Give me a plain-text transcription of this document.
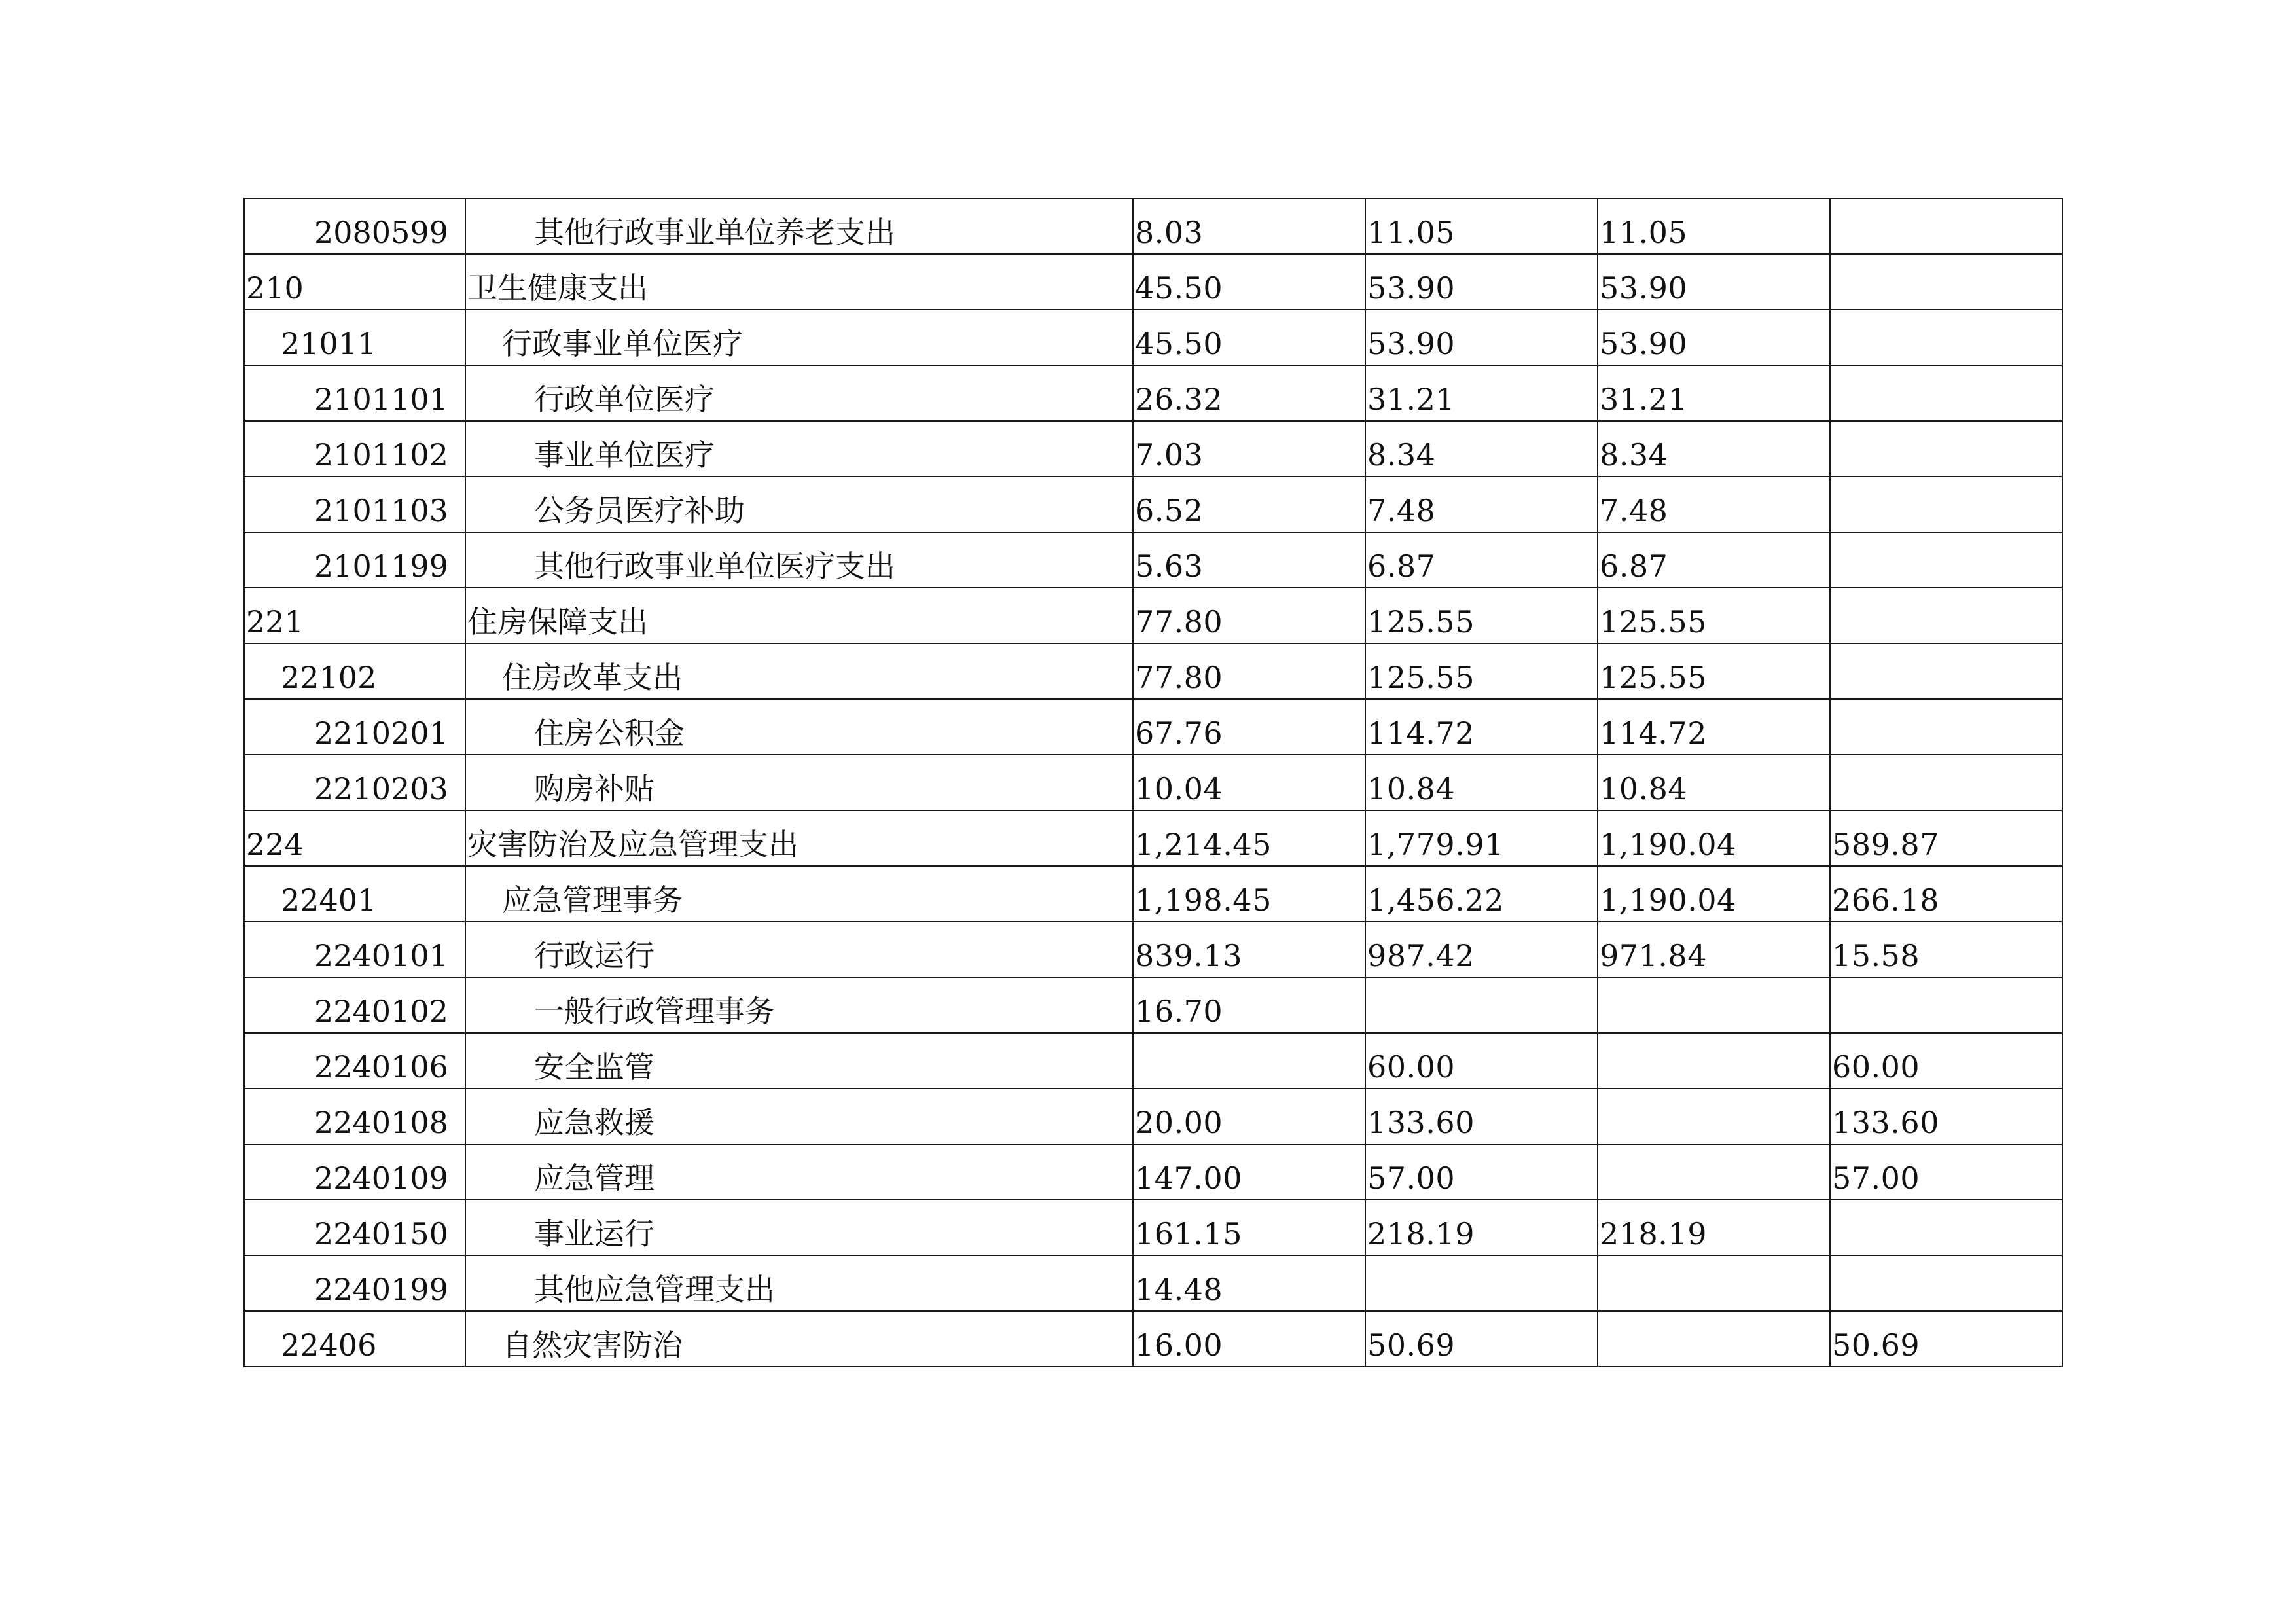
2080599	其他行政事业单位养老支出	8.03	11.05	11.05	

210	卫生健康支出	45.50	53.90	53.90	

21011	行政事业单位医疗	45.50	53.90	53.90	

2101101	行政单位医疗	26.32	31.21	31.21	

2101102	事业单位医疗	7.03	8.34	8.34	

2101103	公务员医疗补助	6.52	7.48	7.48	

2101199	其他行政事业单位医疗支出	5.63	6.87	6.87	

221	住房保障支出	77.80	125.55	125.55	

22102	住房改革支出	77.80	125.55	125.55	

2210201	住房公积金	67.76	114.72	114.72	

2210203	购房补贴	10.04	10.84	10.84	

224	灾害防治及应急管理支出	1,214.45	1,779.91	1,190.04	589.87

22401	应急管理事务	1,198.45	1,456.22	1,190.04	266.18

2240101	行政运行	839.13	987.42	971.84	15.58

2240102	一般行政管理事务	16.70			

2240106	安全监管		60.00		60.00

2240108	应急救援	20.00	133.60		133.60

2240109	应急管理	147.00	57.00		57.00

2240150	事业运行	161.15	218.19	218.19	

2240199	其他应急管理支出	14.48			

22406	自然灾害防治	16.00	50.69		50.69
